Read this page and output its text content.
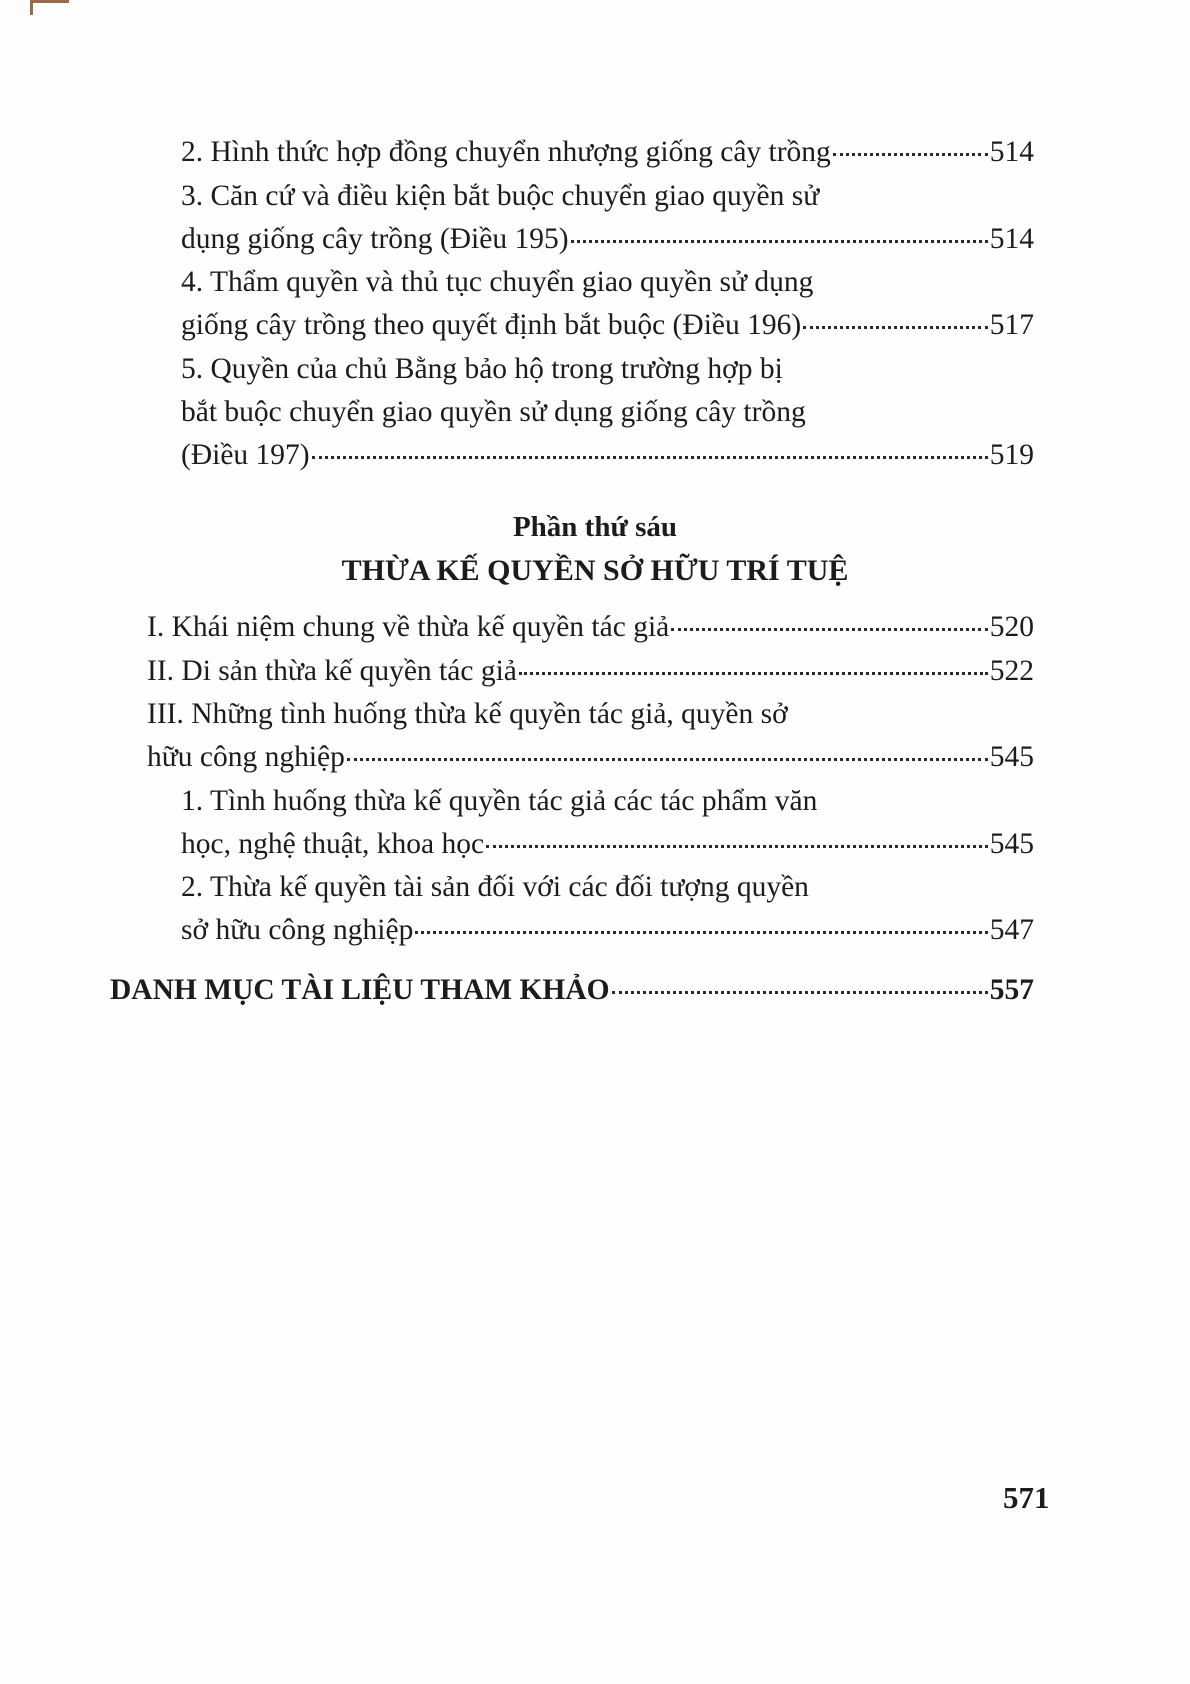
2. Hình thức hợp đồng chuyển nhượng giống cây trồng	514
3. Căn cứ và điều kiện bắt buộc chuyển giao quyền sử
dụng giống cây trồng (Điều 195)	514
4. Thẩm quyền và thủ tục chuyển giao quyền sử dụng
giống cây trồng theo quyết định bắt buộc (Điều 196)	517
5. Quyền của chủ Bằng bảo hộ trong trường hợp bị
bắt buộc chuyển giao quyền sử dụng giống cây trồng
(Điều 197)	519
Phần thứ sáu
THỪA KẾ QUYỀN SỞ HỮU TRÍ TUỆ
I. Khái niệm chung về thừa kế quyền tác giả	520
II. Di sản thừa kế quyền tác giả	522
III. Những tình huống thừa kế quyền tác giả, quyền sở
hữu công nghiệp	545
1. Tình huống thừa kế quyền tác giả các tác phẩm văn
học, nghệ thuật, khoa học	545
2. Thừa kế quyền tài sản đối với các đối tượng quyền
sở hữu công nghiệp	547
DANH MỤC TÀI LIỆU THAM KHẢO	557
571
